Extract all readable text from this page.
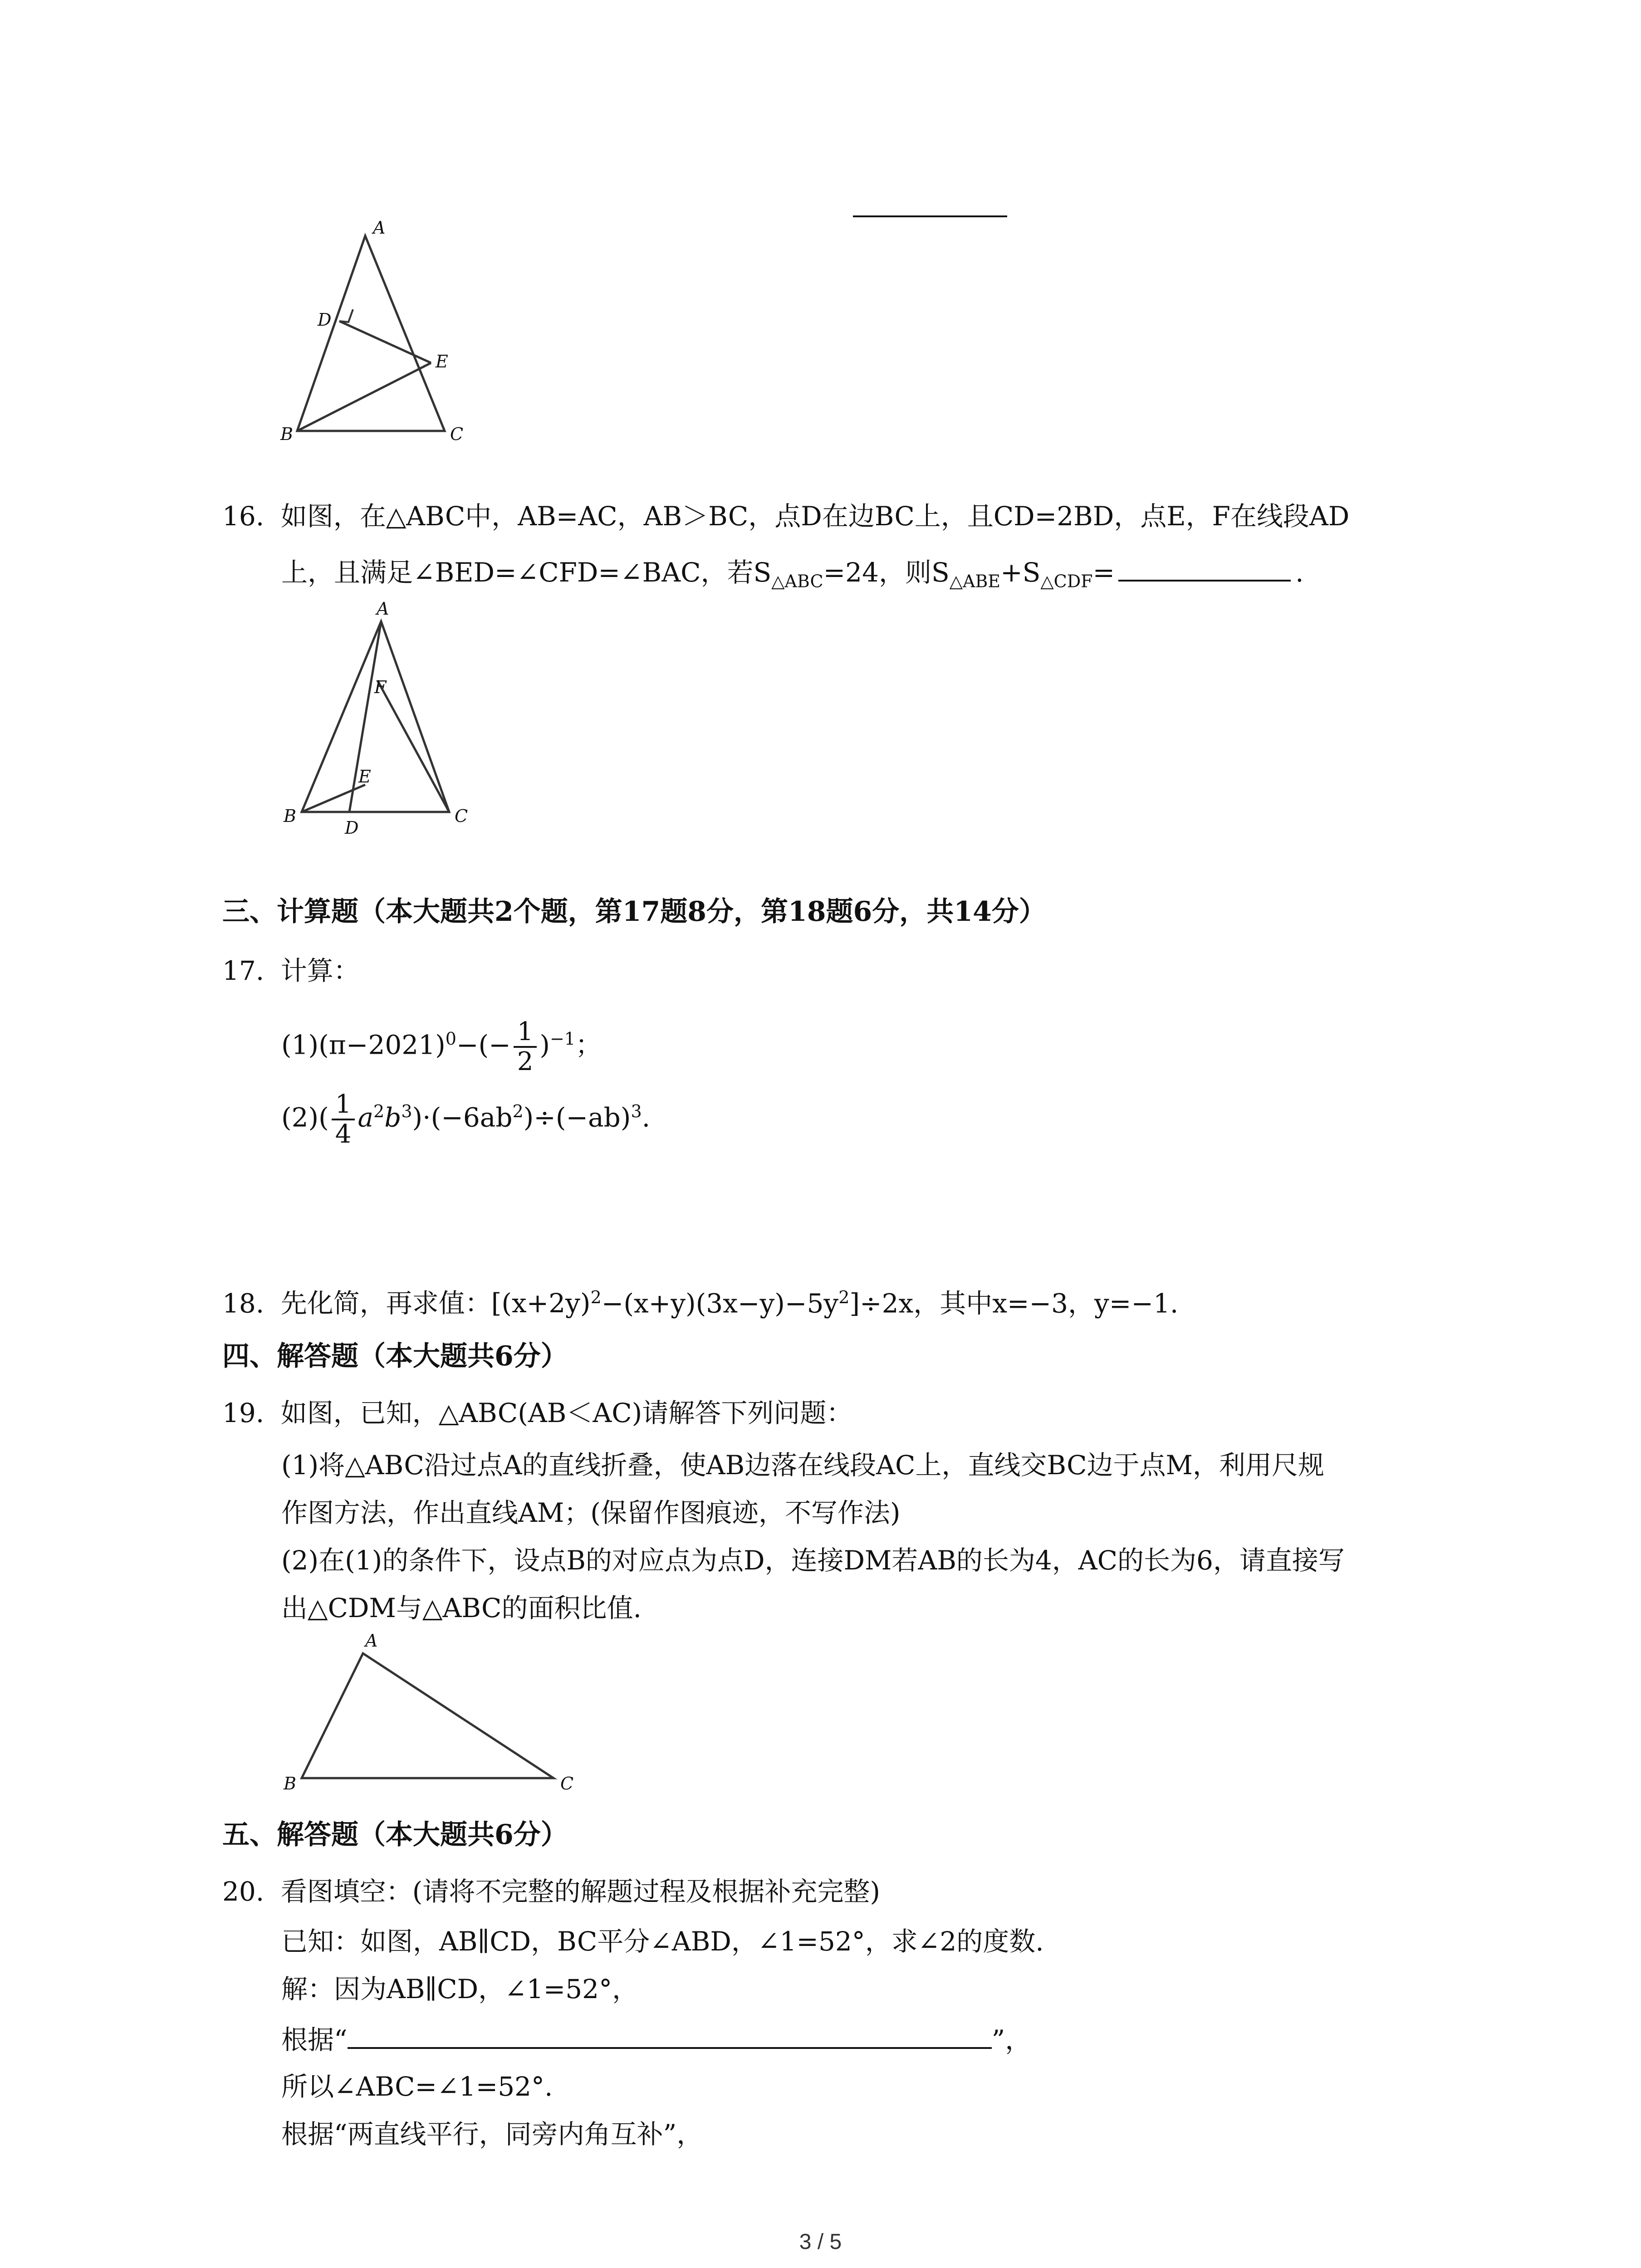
A
D
E
B	C
16. 如图，在△ABC中，AB=AC，AB＞BC，点D在边BC上，且CD=2BD，点E，F在线段AD
上，且满足∠BED=∠CFD=∠BAC，若$S_{\triangle ABC}=24$，则$S_{\triangle ABE}+S_{\triangle CDF}=$	.
A
F
E
B
D
C
三、计算题（本大题共2个题，第17题8分，第18题6分，共14分）
17. 计算：
$(1)(\pi-2021)^0-(- \frac{1}{2} )^{-1}$；
$(2)( \frac{1}{4} a^2b^3)\cdot(-6ab^2)\div(-ab)^3$.
18. 先化简，再求值：$[(x+2y)^2-(x+y)(3x-y)-5y^2]\div 2x$，其中x=−3，y=−1.
四、解答题（本大题共6分）
19. 如图，已知，△ABC(AB＜AC)请解答下列问题：
(1)将△ABC沿过点A的直线折叠，使AB边落在线段AC上，直线交BC边于点M，利用尺规
作图方法，作出直线AM；(保留作图痕迹，不写作法)
(2)在(1)的条件下，设点B的对应点为点D，连接DM若AB的长为4，AC的长为6，请直接写
出△CDM与△ABC的面积比值.
A
B	C
五、解答题（本大题共6分）
20. 看图填空：(请将不完整的解题过程及根据补充完整)
已知：如图，AB∥CD，BC平分∠ABD，∠1=52°，求∠2的度数.
解：因为AB∥CD，∠1=52°，
根据“	”，
所以∠ABC=∠1=52°.
根据“两直线平行，同旁内角互补”，
3 / 5
